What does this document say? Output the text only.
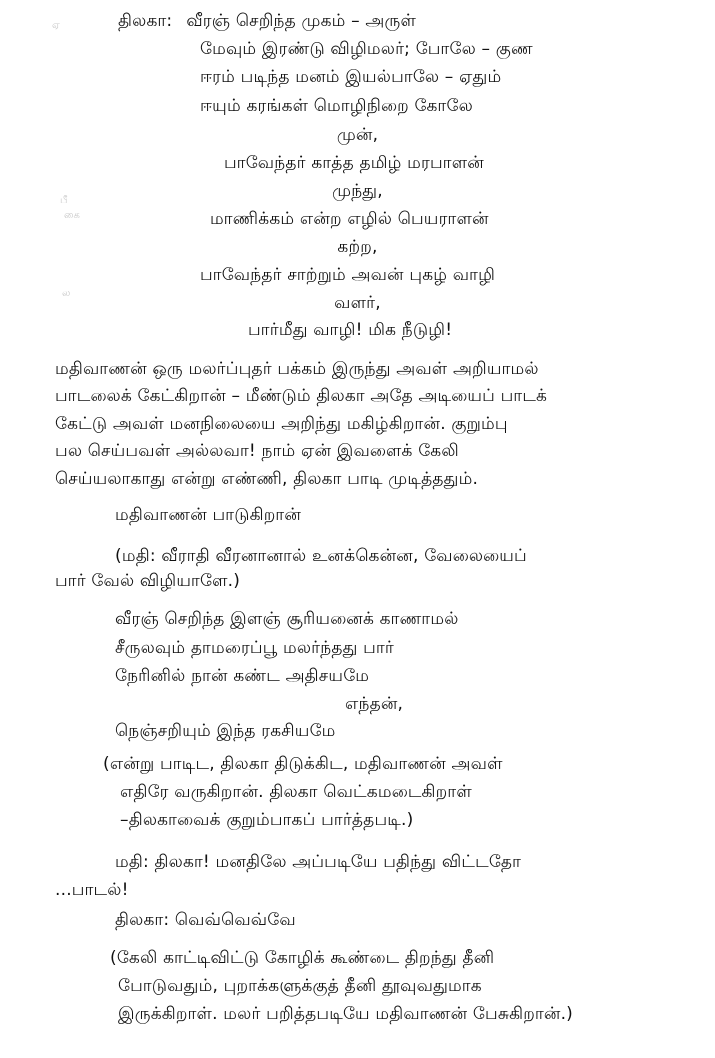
ஏ
பீ
கை
ல
திலகா: வீரஞ் செறிந்த முகம் – அருள்
மேவும் இரண்டு விழிமலர்; போலே – குண
ஈரம் படிந்த மனம் இயல்பாலே – ஏதும்
ஈயும் கரங்கள் மொழிநிறை கோலே
முன்,
பாவேந்தர் காத்த தமிழ் மரபாளன்
முந்து,
மாணிக்கம் என்ற எழில் பெயராளன்
கற்ற,
பாவேந்தர் சாற்றும் அவன் புகழ் வாழி
வளர்,
பார்மீது வாழி! மிக நீடுழி!
மதிவாணன் ஒரு மலர்ப்புதர் பக்கம் இருந்து அவள் அறியாமல்
பாடலைக் கேட்கிறான் – மீண்டும் திலகா அதே அடியைப் பாடக்
கேட்டு அவள் மனநிலையை அறிந்து மகிழ்கிறான். குறும்பு
பல செய்பவள் அல்லவா! நாம் ஏன் இவளைக் கேலி
செய்யலாகாது என்று எண்ணி, திலகா பாடி முடித்ததும்.
மதிவாணன் பாடுகிறான்
(மதி: வீராதி வீரனானால் உனக்கென்ன, வேலையைப்
பார் வேல் விழியாளே.)
வீரஞ் செறிந்த இளஞ் சூரியனைக் காணாமல்
சீருலவும் தாமரைப்பூ மலர்ந்தது பார்
நேரினில் நான் கண்ட அதிசயமே
எந்தன்,
நெஞ்சறியும் இந்த ரகசியமே
(என்று பாடிட, திலகா திடுக்கிட, மதிவாணன் அவள்
எதிரே வருகிறான். திலகா வெட்கமடைகிறாள்
–திலகாவைக் குறும்பாகப் பார்த்தபடி.)
மதி: திலகா! மனதிலே அப்படியே பதிந்து விட்டதோ
...பாடல்!
திலகா: வெவ்வெவ்வே
(கேலி காட்டிவிட்டு கோழிக் கூண்டை திறந்து தீனி
போடுவதும், புறாக்களுக்குத் தீனி தூவுவதுமாக
இருக்கிறாள். மலர் பறித்தபடியே மதிவாணன் பேசுகிறான்.)
